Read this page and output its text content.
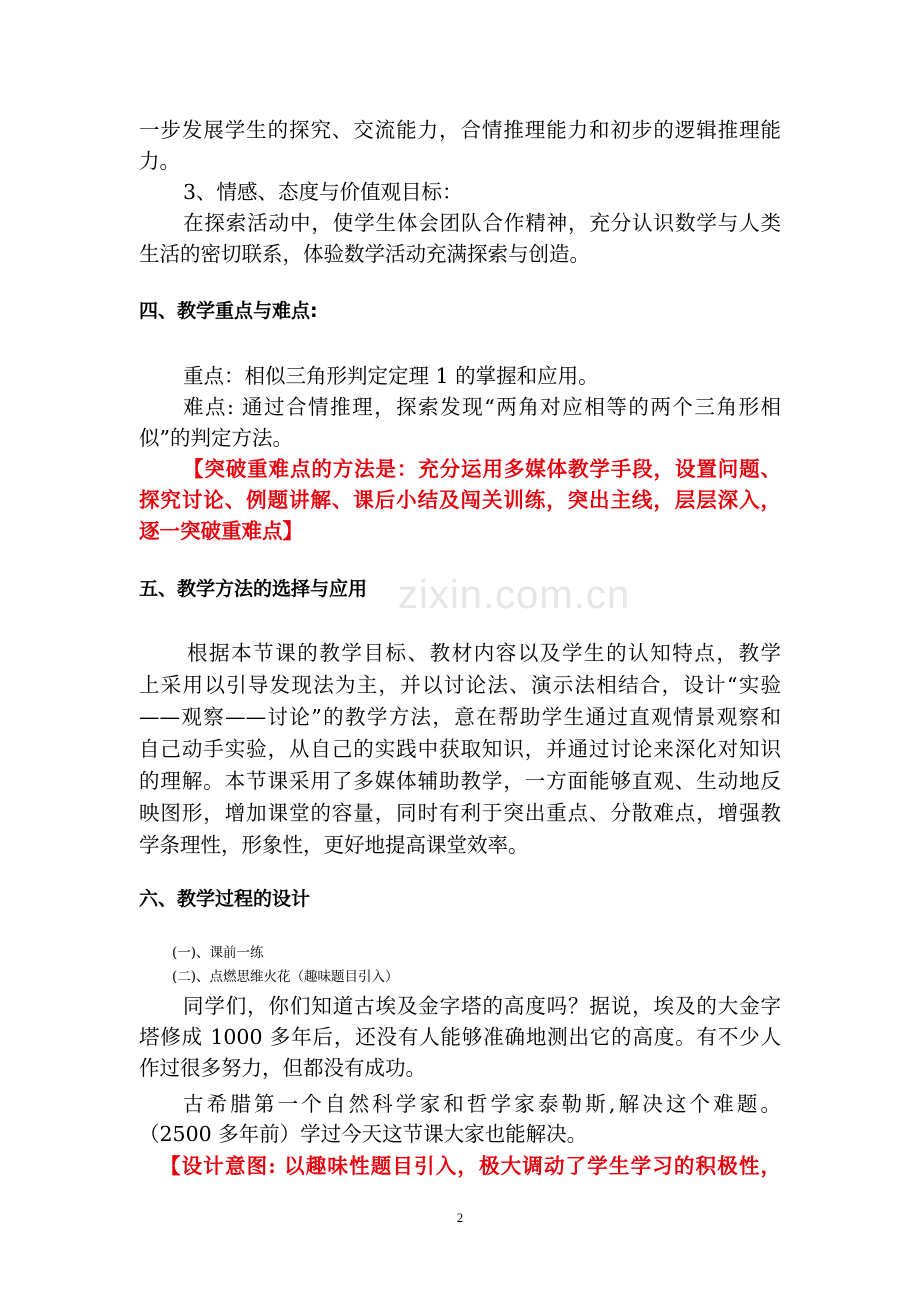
zixin.com.cn

一步发展学生的探究、交流能力，合情推理能力和初步的逻辑推理能

力。

3、情感、态度与价值观目标：

在探索活动中，使学生体会团队合作精神，充分认识数学与人类

生活的密切联系，体验数学活动充满探索与创造。

四、教学重点与难点:

重点：相似三角形判定定理 1 的掌握和应用。

难点: 通过合情推理，探索发现“两角对应相等的两个三角形相

似”的判定方法。

【突破重难点的方法是：充分运用多媒体教学手段，设置问题、

探究讨论、例题讲解、课后小结及闯关训练，突出主线，层层深入，

逐一突破重难点】

五、教学方法的选择与应用

根据本节课的教学目标、教材内容以及学生的认知特点，教学

上采用以引导发现法为主，并以讨论法、演示法相结合，设计“实验

——观察——讨论”的教学方法，意在帮助学生通过直观情景观察和

自己动手实验，从自己的实践中获取知识，并通过讨论来深化对知识

的理解。本节课采用了多媒体辅助教学，一方面能够直观、生动地反

映图形，增加课堂的容量，同时有利于突出重点、分散难点，增强教

学条理性，形象性，更好地提高课堂效率。

六、教学过程的设计

(一)、课前一练

(二)、点燃思维火花（趣味题目引入）

同学们，你们知道古埃及金字塔的高度吗？据说，埃及的大金字

塔修成 1000 多年后，还没有人能够准确地测出它的高度。有不少人

作过很多努力，但都没有成功。

古希腊第一个自然科学家和哲学家泰勒斯,解决这个难题。

（2500 多年前）学过今天这节课大家也能解决。

【设计意图: 以趣味性题目引入，极大调动了学生学习的积极性，

2
